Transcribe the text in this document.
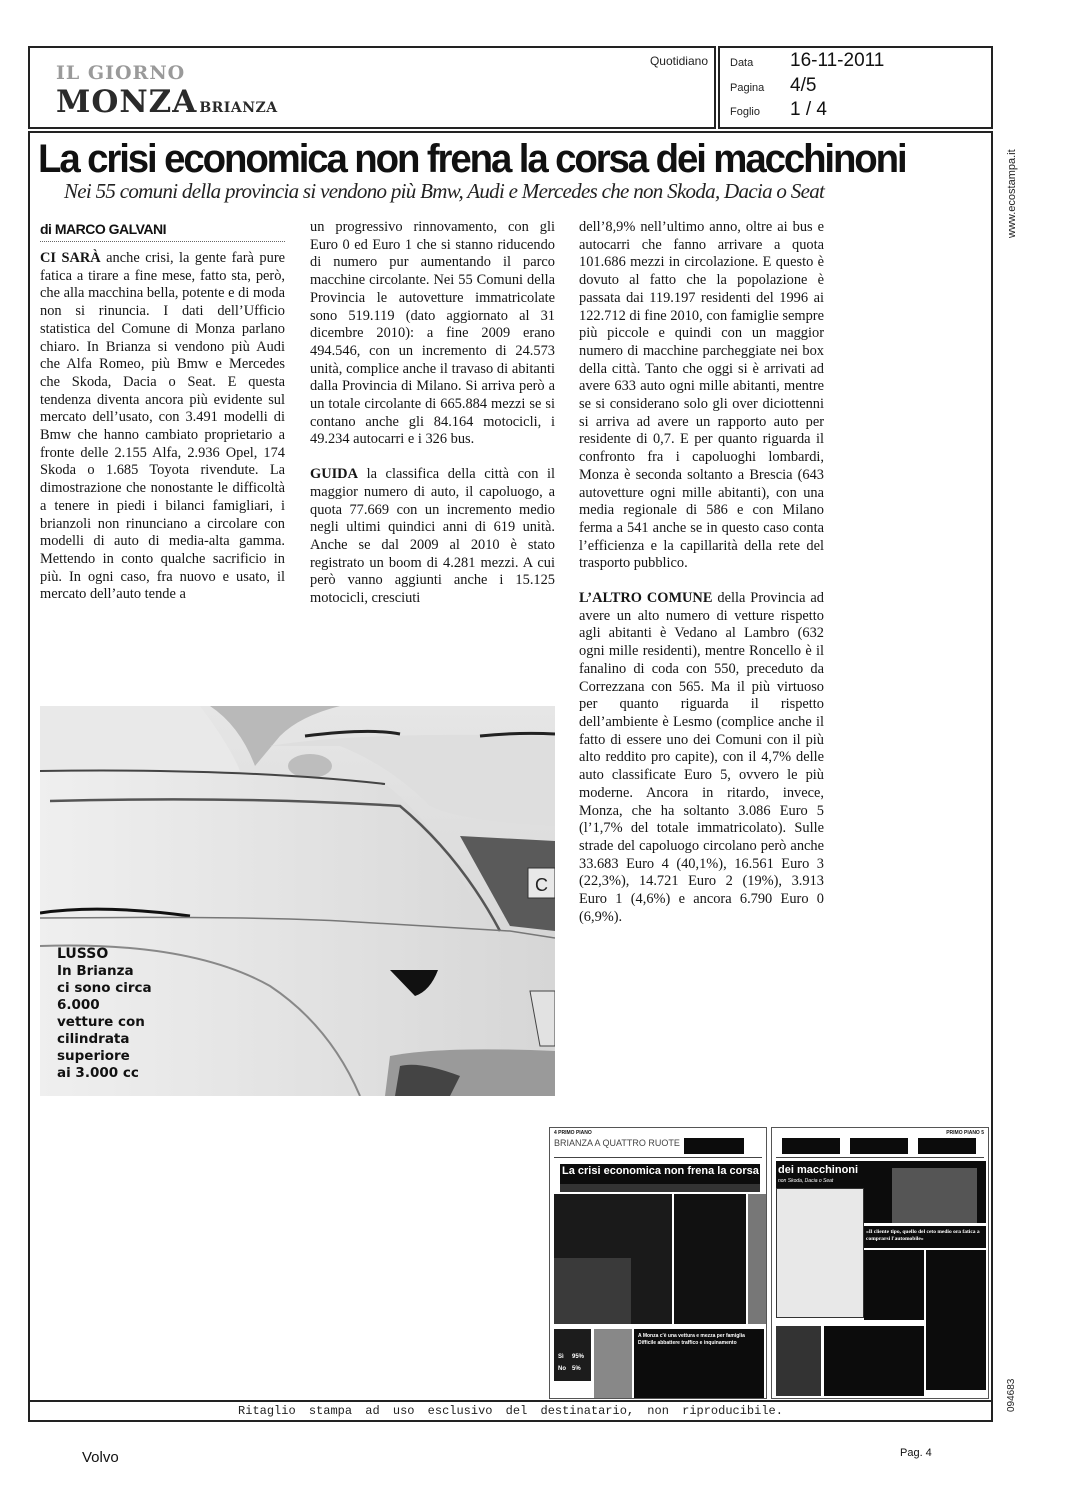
IL GIORNO
MONZA BRIANZA
Quotidiano Data	16-11-2011
Pagina	4/5
Foglio	1 / 4
La crisi economica non frena la corsa dei macchinoni
Nei 55 comuni della provincia si vendono più Bmw, Audi e Mercedes che non Skoda, Dacia o Seat
di MARCO GALVANI

CI SARÀ anche crisi, la gente farà pure fatica a tirare a fine mese, fatto sta, però, che alla macchina bella, potente e di moda non si rinuncia. I dati dell’Ufficio statistica del Comune di Monza parlano chiaro. In Brianza si vendono più Audi che Alfa Romeo, più Bmw e Mercedes che Skoda, Dacia o Seat. E questa tendenza diventa ancora più evidente sul mercato dell’usato, con 3.491 modelli di Bmw che hanno cambiato proprietario a fronte delle 2.155 Alfa, 2.936 Opel, 174 Skoda o 1.685 Toyota rivendute. La dimostrazione che nonostante le difficoltà a tenere in piedi i bilanci famigliari, i brianzoli non rinunciano a circolare con modelli di auto di media-alta gamma. Mettendo in conto qualche sacrificio in più. In ogni caso, fra nuovo e usato, il mercato dell’auto tende a

un progressivo rinnovamento, con gli Euro 0 ed Euro 1 che si stanno riducendo di numero pur aumentando il parco macchine circolante. Nei 55 Comuni della Provincia le autovetture immatricolate sono 519.119 (dato aggiornato al 31 dicembre 2010): a fine 2009 erano 494.546, con un incremento di 24.573 unità, complice anche il travaso di abitanti dalla Provincia di Milano. Si arriva però a un totale circolante di 665.884 mezzi se si contano anche gli 84.164 motocicli, i 49.234 autocarri e i 326 bus.

GUIDA la classifica della città con il maggior numero di auto, il capoluogo, a quota 77.669 con un incremento medio negli ultimi quindici anni di 619 unità. Anche se dal 2009 al 2010 è stato registrato un boom di 4.281 mezzi. A cui però vanno aggiunti anche i 15.125 motocicli, cresciuti

dell’8,9% nell’ultimo anno, oltre ai bus e autocarri che fanno arrivare a quota 101.686 mezzi in circolazione. E questo è dovuto al fatto che la popolazione è passata dai 119.197 residenti del 1996 ai 122.712 di fine 2010, con famiglie sempre più piccole e quindi con un maggior numero di macchine parcheggiate nei box della città. Tanto che oggi si è arrivati ad avere 633 auto ogni mille abitanti, mentre se si considerano solo gli over diciottenni si arriva ad avere un rapporto auto per residente di 0,7. E per quanto riguarda il confronto fra i capoluoghi lombardi, Monza è seconda soltanto a Brescia (643 autovetture ogni mille abitanti), con una media regionale di 586 e con Milano ferma a 541 anche se in questo caso conta l’efficienza e la capillarità della rete del trasporto pubblico.

L’ALTRO COMUNE della Provincia ad avere un alto numero di vetture rispetto agli abitanti è Vedano al Lambro (632 ogni mille residenti), mentre Roncello è il fanalino di coda con 550, preceduto da Correzzana con 565. Ma il più virtuoso per quanto riguarda il rispetto dell’ambiente è Lesmo (complice anche il fatto di essere uno dei Comuni con il più alto reddito pro capite), con il 4,7% delle auto classificate Euro 5, ovvero le più moderne. Ancora in ritardo, invece, Monza, che ha soltanto 3.086 Euro 5 (l’1,7% del totale immatricolato). Sulle strade del capoluogo circolano però anche 33.683 Euro 4 (40,1%), 16.561 Euro 3 (22,3%), 14.721 Euro 2 (19%), 3.913 Euro 1 (4,6%) e ancora 6.790 Euro 0 (6,9%).

C
LUSSO
In Brianza
ci sono circa
6.000
vetture con
cilindrata
superiore
ai 3.000 cc
4 PRIMO PIANO
BRIANZA A QUATTRO RUOTE
La crisi economica non frena la corsa
Sì 95%
No 5%
A Monza c'è una vettura e mezza per famiglia
Difficile abbattere traffico e inquinamento
PRIMO PIANO 5
dei macchinoni
non Skoda, Dacia o Seat
«Il cliente tipo, quello del ceto medio ora fatica a comprarsi l'automobile»
Ritaglio stampa ad uso esclusivo del destinatario, non riproducibile.
www.ecostampa.it
094683
Volvo	Pag. 4
